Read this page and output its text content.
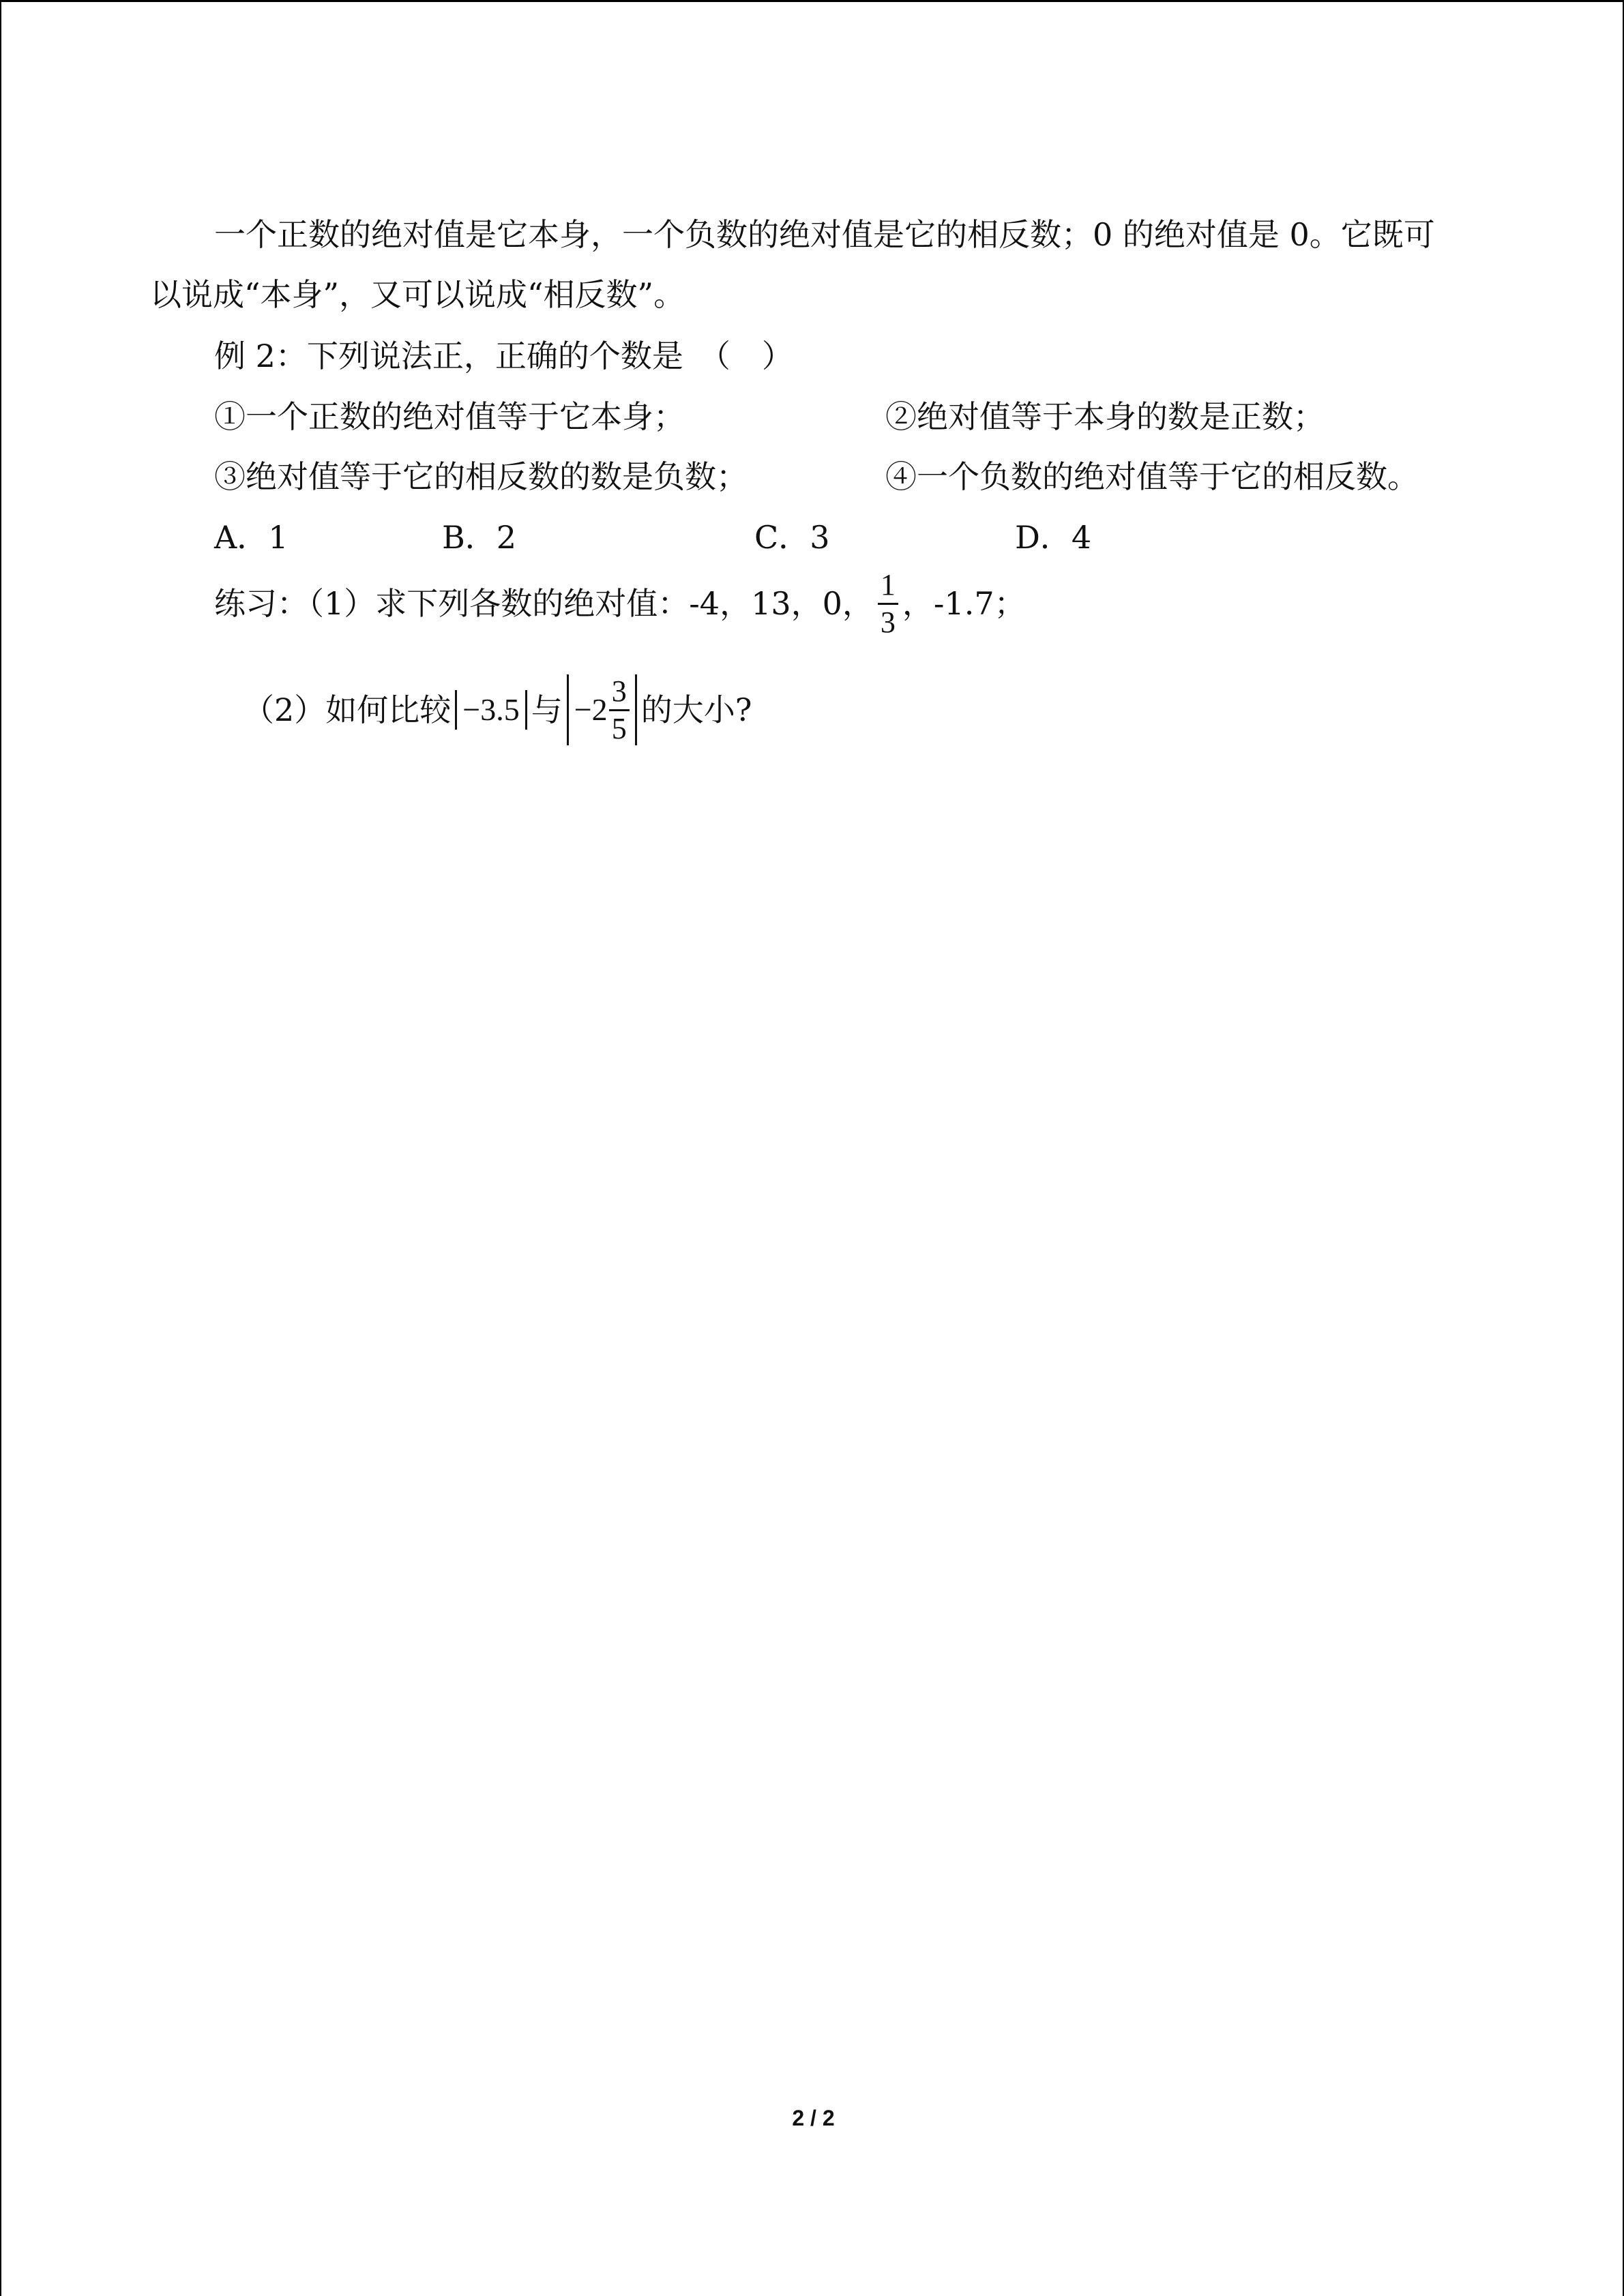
一个正数的绝对值是它本身，一个负数的绝对值是它的相反数；0 的绝对值是 0。它既可
以说成“本身”，又可以说成“相反数”。
例 2：下列说法正，正确的个数是　（　）
①一个正数的绝对值等于它本身；	②绝对值等于本身的数是正数；
③绝对值等于它的相反数的数是负数；	④一个负数的绝对值等于它的相反数。
A．1	B．2	C．3	D．4
练习：（1）求下列各数的绝对值：-4，13，0， $\frac{1}{3}$ ，-1.7；
（2）如何比较 −3.5 与 $-2 \frac{3}{5}$ 的大小?
2 / 2
